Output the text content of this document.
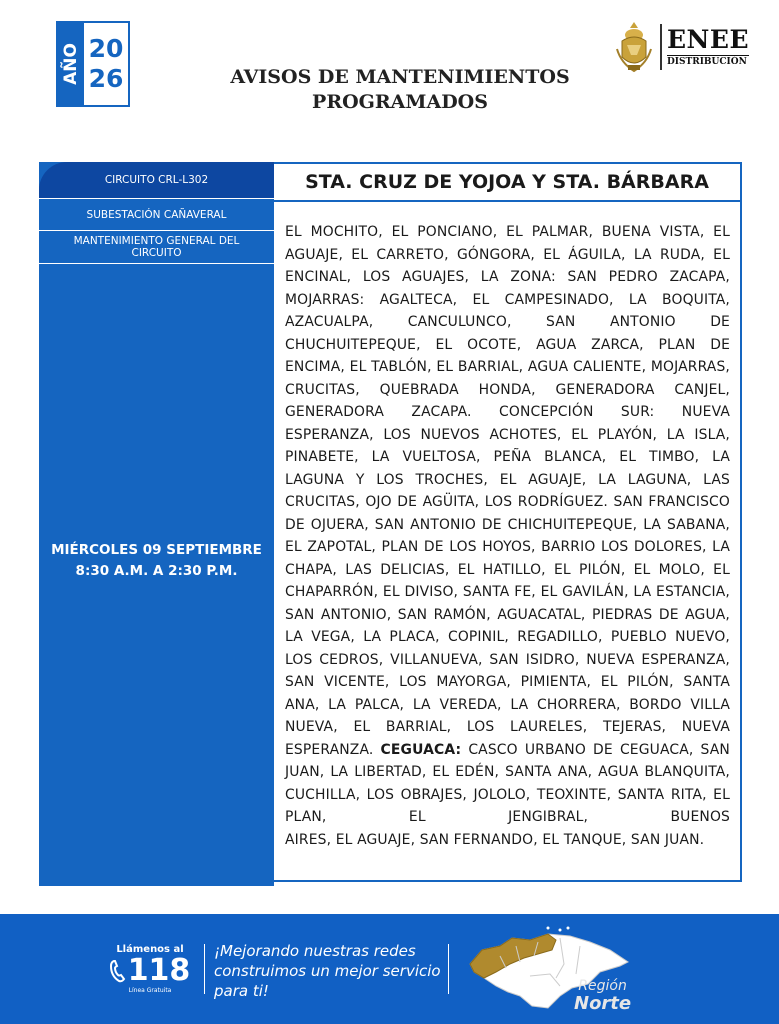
AÑO 20
26	AVISOS DE MANTENIMIENTOS
PROGRAMADOS
ENEE
DISTRIBUCIÓN
CIRCUITO CRL-L302
SUBESTACIÓN CAÑAVERAL
MANTENIMIENTO GENERAL DEL CIRCUITO
MIÉRCOLES 09 SEPTIEMBRE
8:30 A.M. A 2:30 P.M.
STA. CRUZ DE YOJOA Y STA. BÁRBARA
EL MOCHITO, EL PONCIANO, EL PALMAR, BUENA VISTA, EL AGUAJE, EL CARRETO, GÓNGORA, EL ÁGUILA, LA RUDA, EL ENCINAL, LOS AGUAJES, LA ZONA: SAN PEDRO ZACAPA, MOJARRAS: AGALTECA, EL CAMPESINADO, LA BOQUITA, AZACUALPA, CANCULUNCO, SAN ANTONIO DE CHUCHUITEPEQUE, EL OCOTE, AGUA ZARCA, PLAN DE ENCIMA, EL TABLÓN, EL BARRIAL, AGUA CALIENTE, MOJARRAS, CRUCITAS, QUEBRADA HONDA, GENERADORA CANJEL, GENERADORA ZACAPA. CONCEPCIÓN SUR: NUEVA ESPERANZA, LOS NUEVOS ACHOTES, EL PLAYÓN, LA ISLA, PINABETE, LA VUELTOSA, PEÑA BLANCA, EL TIMBO, LA LAGUNA Y LOS TROCHES, EL AGUAJE, LA LAGUNA, LAS CRUCITAS, OJO DE AGÜITA, LOS RODRÍGUEZ. SAN FRANCISCO DE OJUERA, SAN ANTONIO DE CHICHUITEPEQUE, LA SABANA, EL ZAPOTAL, PLAN DE LOS HOYOS, BARRIO LOS DOLORES, LA CHAPA, LAS DELICIAS, EL HATILLO, EL PILÓN, EL MOLO, EL CHAPARRÓN, EL DIVISO, SANTA FE, EL GAVILÁN, LA ESTANCIA, SAN ANTONIO, SAN RAMÓN, AGUACATAL, PIEDRAS DE AGUA, LA VEGA, LA PLACA, COPINIL, REGADILLO, PUEBLO NUEVO, LOS CEDROS, VILLANUEVA, SAN ISIDRO, NUEVA ESPERANZA, SAN VICENTE, LOS MAYORGA, PIMIENTA, EL PILÓN, SANTA ANA, LA PALCA, LA VEREDA, LA CHORRERA, BORDO VILLA NUEVA, EL BARRIAL, LOS LAURELES, TEJERAS, NUEVA ESPERANZA. CEGUACA: CASCO URBANO DE CEGUACA, SAN JUAN, LA LIBERTAD, EL EDÉN, SANTA ANA, AGUA BLANQUITA, CUCHILLA, LOS OBRAJES, JOLOLO, TEOXINTE, SANTA RITA, EL PLAN, EL JENGIBRAL, BUENOS
AIRES, EL AGUAJE, SAN FERNANDO, EL TANQUE, SAN JUAN.
Llámenos al
118
Línea Gratuita
¡Mejorando nuestras redes construimos un mejor servicio para ti!	Región
Norte
